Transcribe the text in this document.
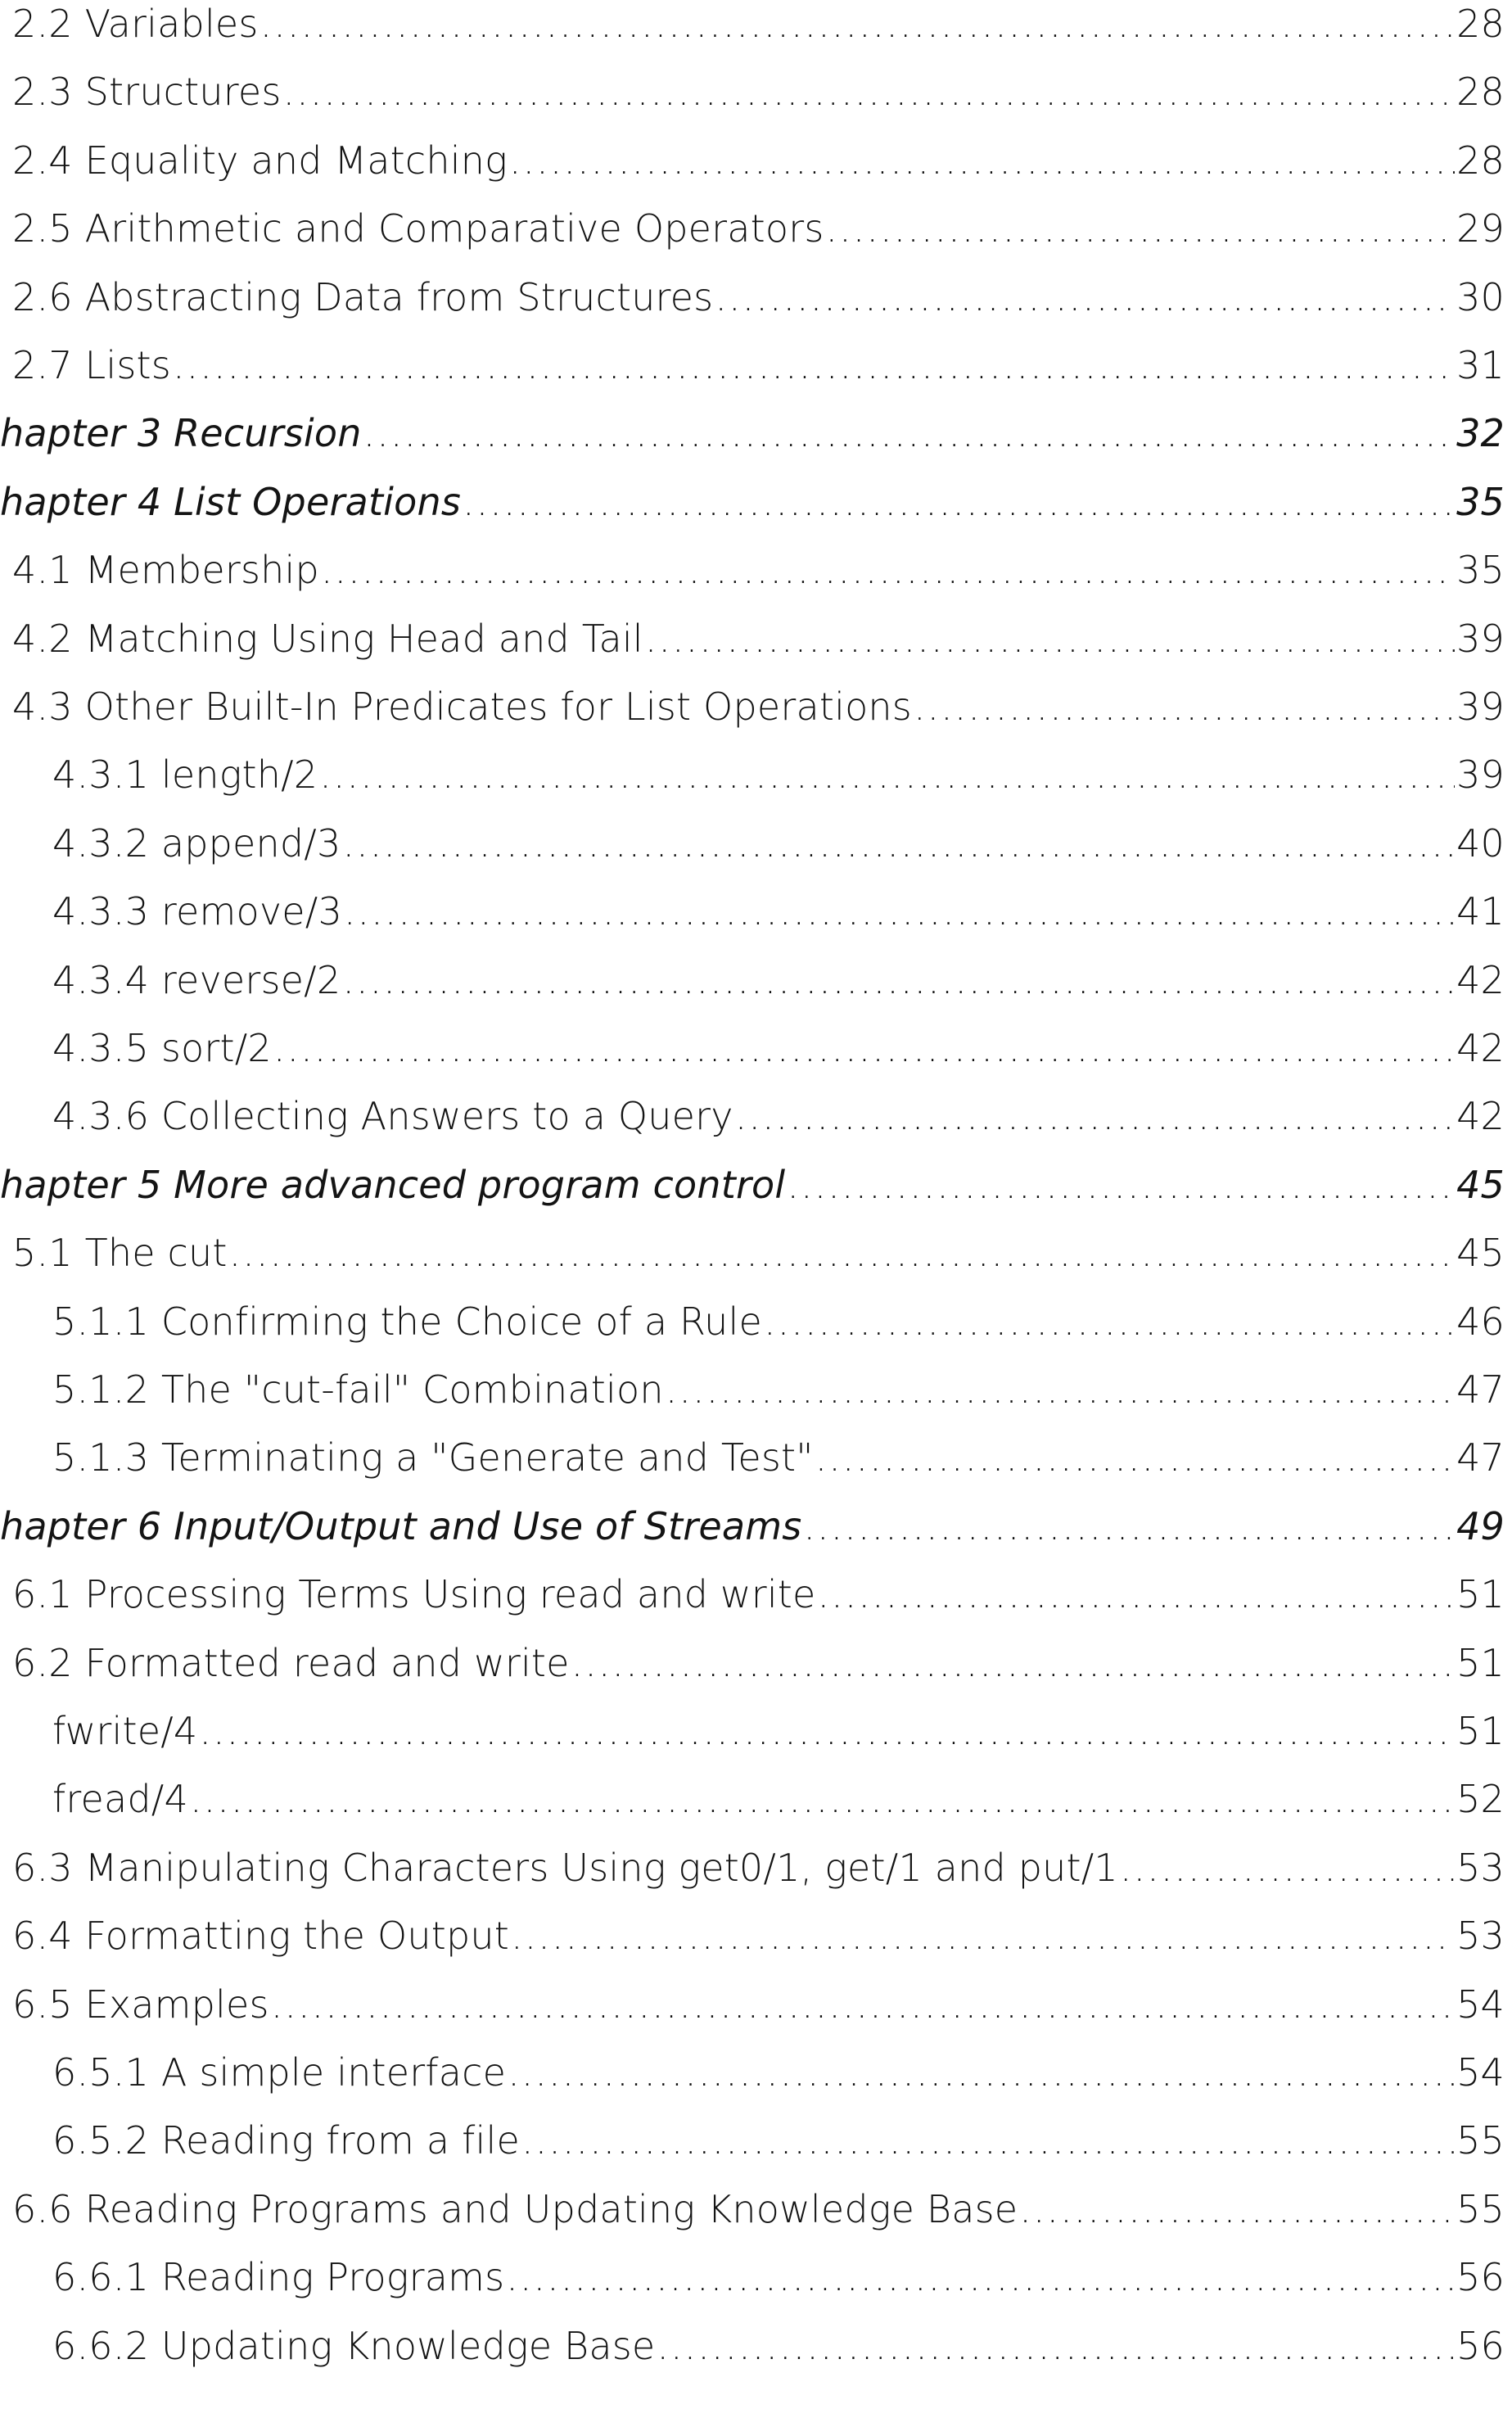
2.2 Variables .....	28
2.3 Structures .....	28
2.4 Equality and Matching .....	28
2.5 Arithmetic and Comparative Operators .....	29
2.6 Abstracting Data from Structures .....	30
2.7 Lists .....	31
hapter 3 Recursion .....	32
hapter 4 List Operations .....	35
4.1 Membership .....	35
4.2 Matching Using Head and Tail .....	39
4.3 Other Built-In Predicates for List Operations .....	39
4.3.1 length/2 .....	39
4.3.2 append/3 .....	40
4.3.3 remove/3 .....	41
4.3.4 reverse/2 .....	42
4.3.5 sort/2 .....	42
4.3.6 Collecting Answers to a Query .....	42
hapter 5 More advanced program control .....	45
5.1 The cut .....	45
5.1.1 Confirming the Choice of a Rule .....	46
5.1.2 The "cut-fail" Combination .....	47
5.1.3 Terminating a "Generate and Test" .....	47
hapter 6 Input/Output and Use of Streams .....	49
6.1 Processing Terms Using read and write .....	51
6.2 Formatted read and write .....	51
fwrite/4 .....	51
fread/4 .....	52
6.3 Manipulating Characters Using get0/1, get/1 and put/1 .....	53
6.4 Formatting the Output .....	53
6.5 Examples .....	54
6.5.1 A simple interface .....	54
6.5.2 Reading from a file .....	55
6.6 Reading Programs and Updating Knowledge Base .....	55
6.6.1 Reading Programs .....	56
6.6.2 Updating Knowledge Base .....	56
